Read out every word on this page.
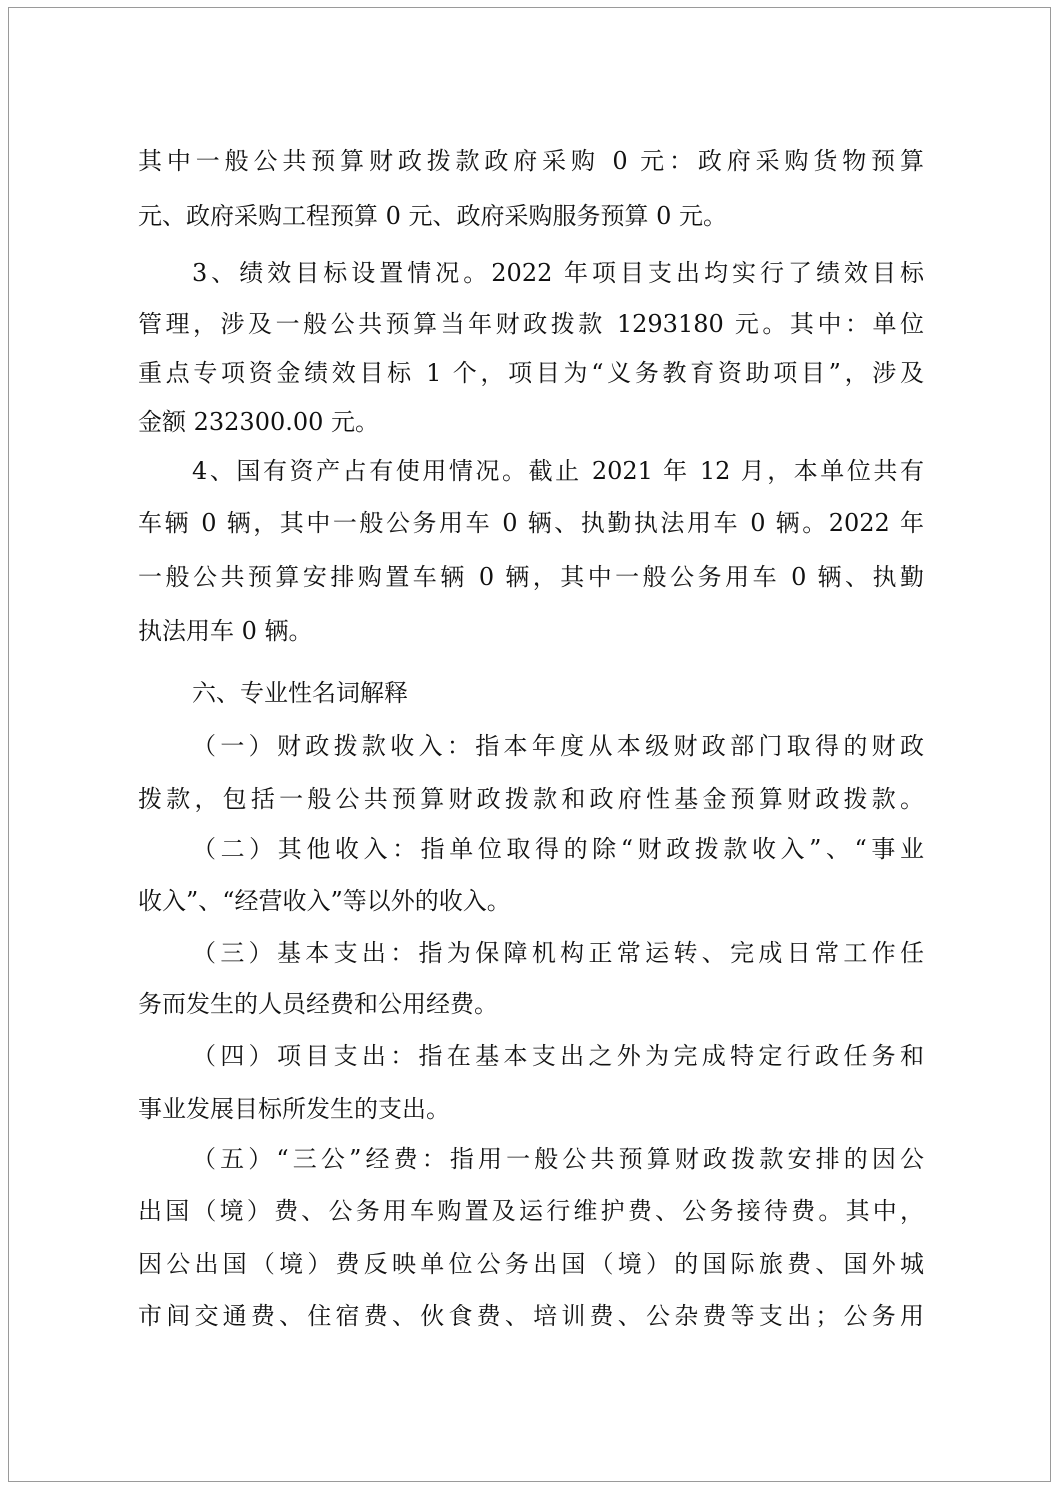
其中一般公共预算财政拨款政府采购 0 元：政府采购货物预算
元、政府采购工程预算 0 元、政府采购服务预算 0 元。
3、绩效目标设置情况。2022 年项目支出均实行了绩效目标
管理，涉及一般公共预算当年财政拨款 1293180 元。其中：单位
重点专项资金绩效目标 1 个，项目为“义务教育资助项目”，涉及
金额 232300.00 元。
4、国有资产占有使用情况。截止 2021 年 12 月，本单位共有
车辆 0 辆，其中一般公务用车 0 辆、执勤执法用车 0 辆。2022 年
一般公共预算安排购置车辆 0 辆，其中一般公务用车 0 辆、执勤
执法用车 0 辆。
六、专业性名词解释
（一）财政拨款收入：指本年度从本级财政部门取得的财政
拨款，包括一般公共预算财政拨款和政府性基金预算财政拨款。
（二）其他收入：指单位取得的除“财政拨款收入”、“事业
收入”、“经营收入”等以外的收入。
（三）基本支出：指为保障机构正常运转、完成日常工作任
务而发生的人员经费和公用经费。
（四）项目支出：指在基本支出之外为完成特定行政任务和
事业发展目标所发生的支出。
（五）“三公”经费：指用一般公共预算财政拨款安排的因公
出国（境）费、公务用车购置及运行维护费、公务接待费。其中，
因公出国（境）费反映单位公务出国（境）的国际旅费、国外城
市间交通费、住宿费、伙食费、培训费、公杂费等支出；公务用
